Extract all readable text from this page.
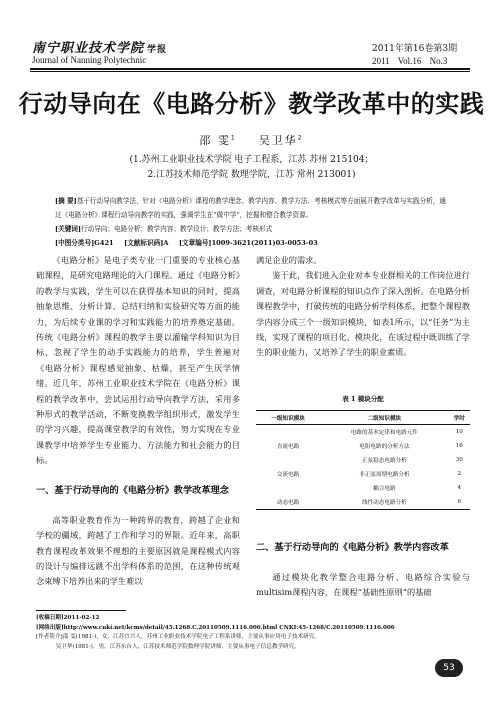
南宁职业技术学院 学报
Journal of Nanning Polytechnic
2011年第16卷第3期
2011 Vol.16 No.3
行动导向在《电路分析》教学改革中的实践
邵 雯$^1$ 吴卫华$^2$
(1.苏州工业职业技术学院 电子工程系，江苏 苏州 215104；
2.江苏技术师范学院 数理学院，江苏 常州 213001)
[摘 要]基于行动导向教学法，针对《电路分析》课程的教学理念、教学内容、教学方法、考核模式等方面展开教学改革与实践分析，通过《电路分析》课程行动导向教学的实践，强调学生在“做中学”，挖掘和整合教学资源。
[关键词]行动导向；电路分析；教学内容；教学设计；教学方法；考核形式
[中图分类号]G421 [文献标识码]A [文章编号]1009-3621(2011)03-0053-03

《电路分析》是电子类专业一门重要的专业核心基础课程，是研究电路理论的入门课程。通过《电路分析》的教学与实践，学生可以在获得基本知识的同时，提高抽象思维、分析计算、总结归纳和实验研究等方面的能力，为后续专业课的学习和实践能力的培养奠定基础。传统《电路分析》课程的教学主要以灌输学科知识为目标，忽视了学生的动手实践能力的培养，学生普遍对《电路分析》课程感觉抽象、枯燥，甚至产生厌学情绪。近几年，苏州工业职业技术学院在《电路分析》课程的教学改革中，尝试运用行动导向教学方法，采用多种形式的教学活动，不断变换教学组织形式，激发学生的学习兴趣，提高课堂教学的有效性，努力实现在专业课教学中培养学生专业能力、方法能力和社会能力的目标。

一、基于行动导向的《电路分析》教学改革理念

高等职业教育作为一种跨界的教育，跨越了企业和学校的疆域，跨越了工作和学习的界限。近年来，高职教育课程改革效果不理想的主要原因就是课程模式内容的设计与编排远跳不出学科体系的范围，在这种传统观念束缚下培养出来的学生难以

满足企业的需求。

鉴于此，我们进入企业对本专业群相关的工作岗位进行调查，对电路分析课程的知识点作了深入剖析。在电路分析课程教学中，打破传统的电路分析学科体系，把整个课程教学内容分成三个一级知识模块，如表1所示，以“任务”为主线，实现了课程的项目化、模块化，在该过程中既训练了学生的职业能力，又培养了学生的职业素质。

表 1 模块分配
一级知识模块	二级知识模块	学时
	电路的基本定律和电路元件	10
直流电路	电阻电路的分析方法	16
	正弦稳态电路分析	30
交流电路	非正弦周期电路分析	2
	耦合电路	4
动态电路	线性动态电路分析	6
二、基于行动导向的《电路分析》教学内容改革

通过模块化教学整合电路分析、电路综合实验与multisim课程内容，在课程“基础性原则”的基础

[收稿日期]2011-02-12
[网络出版]http://www.cnki.net/kcms/detail/45.1268.C.20110509.1116.006.html CNKI:45-1268/C.20110509.1116.006
[作者简介]邵 雯(1981-)，女，江苏宜兴人，苏州工业职业技术学院电子工程系讲师，主要从事应用电子技术研究。
吴卫华(1981-)，男，江苏东台人，江苏技术师范学院数理学院讲师，主要从事电子信息教学研究。
53
